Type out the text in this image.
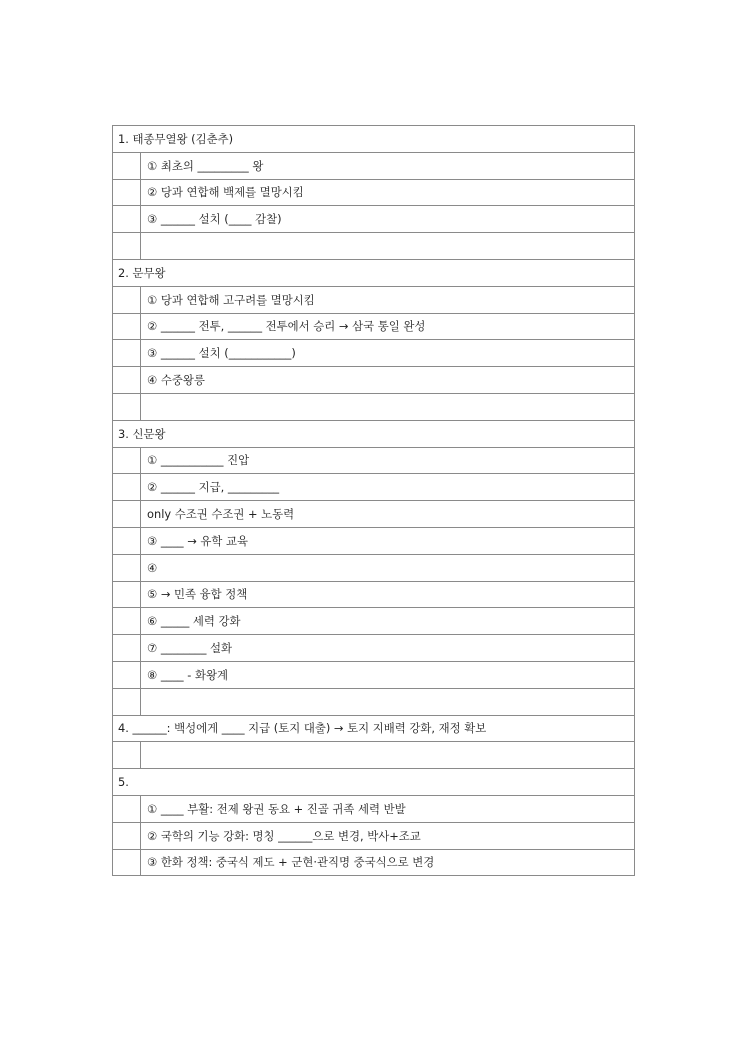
1. 태종무열왕 (김춘추)	
	① 최초의 _________ 왕
	② 당과 연합해 백제를 멸망시킴
	③ ______ 설치 (____ 감찰)

2. 문무왕	
	① 당과 연합해 고구려를 멸망시킴
	② ______ 전투, ______ 전투에서 승리 → 삼국 통일 완성
	③ ______ 설치 (___________)
	④ 수중왕릉

3. 신문왕	
	① ___________ 진압
	② ______ 지급, _________
	only 수조권 수조권 + 노동력
	③ ____ → 유학 교육
	④
	⑤ → 민족 융합 정책
	⑥ _____ 세력 강화
	⑦ ________ 설화
	⑧ ____ - 화왕계

4. ______: 백성에게 ____ 지급 (토지 대출) → 토지 지배력 강화, 재정 확보	

5.	
	① ____ 부활: 전제 왕권 동요 + 진골 귀족 세력 반발
	② 국학의 기능 강화: 명칭 ______으로 변경, 박사+조교
	③ 한화 정책: 중국식 제도 + 군현·관직명 중국식으로 변경
